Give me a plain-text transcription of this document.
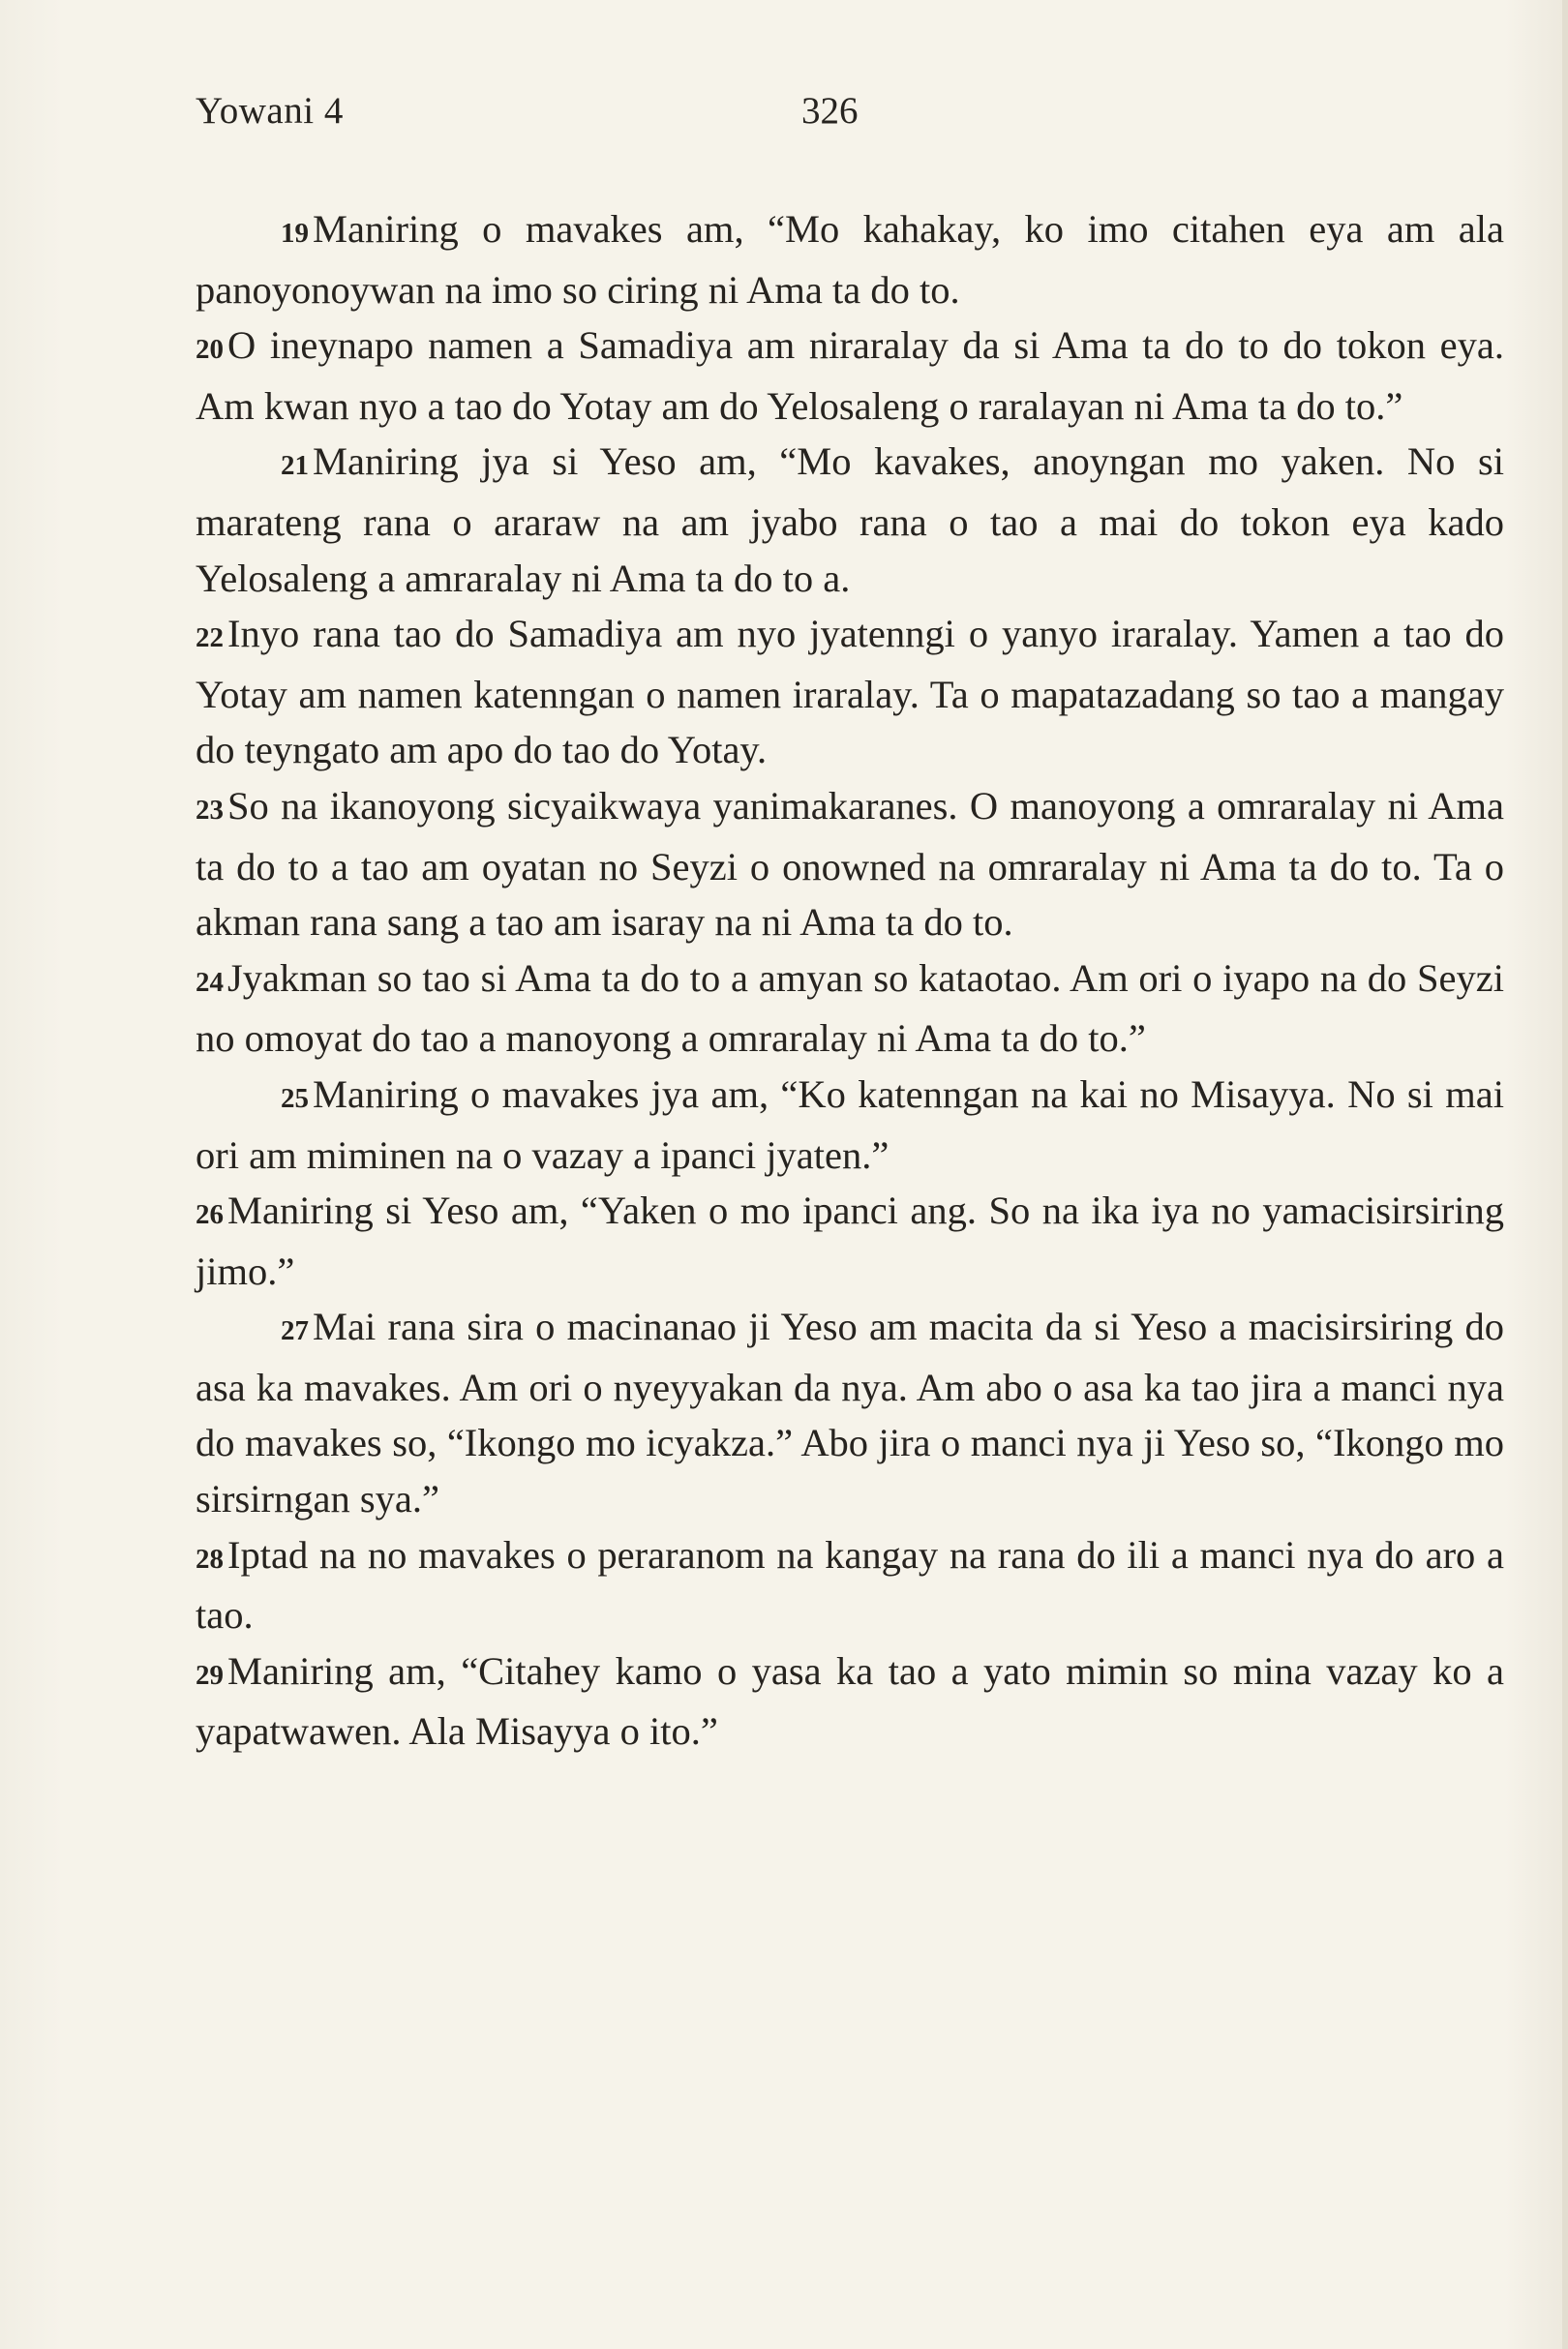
Yowani 4	326

19Maniring o mavakes am, “Mo kahakay, ko imo citahen eya am ala panoyonoywan na imo so ciring ni Ama ta do to.

20O ineynapo namen a Samadiya am niraralay da si Ama ta do to do tokon eya. Am kwan nyo a tao do Yotay am do Yelosaleng o raralayan ni Ama ta do to.”

21Maniring jya si Yeso am, “Mo kavakes, anoyngan mo yaken. No si marateng rana o araraw na am jyabo rana o tao a mai do tokon eya kado Yelosaleng a amraralay ni Ama ta do to a.

22Inyo rana tao do Samadiya am nyo jyatenngi o yanyo iraralay. Yamen a tao do Yotay am namen katenngan o namen iraralay. Ta o mapatazadang so tao a mangay do teyngato am apo do tao do Yotay.

23So na ikanoyong sicyaikwaya yanimakaranes. O manoyong a omraralay ni Ama ta do to a tao am oyatan no Seyzi o onowned na omraralay ni Ama ta do to. Ta o akman rana sang a tao am isaray na ni Ama ta do to.

24Jyakman so tao si Ama ta do to a amyan so kataotao. Am ori o iyapo na do Seyzi no omoyat do tao a manoyong a omraralay ni Ama ta do to.”

25Maniring o mavakes jya am, “Ko katenngan na kai no Misayya. No si mai ori am miminen na o vazay a ipanci jyaten.”

26Maniring si Yeso am, “Yaken o mo ipanci ang. So na ika iya no yamacisirsiring jimo.”

27Mai rana sira o macinanao ji Yeso am macita da si Yeso a macisirsiring do asa ka mavakes. Am ori o nyeyyakan da nya. Am abo o asa ka tao jira a manci nya do mavakes so, “Ikongo mo icyakza.” Abo jira o manci nya ji Yeso so, “Ikongo mo sirsirngan sya.”

28Iptad na no mavakes o peraranom na kangay na rana do ili a manci nya do aro a tao.

29Maniring am, “Citahey kamo o yasa ka tao a yato mimin so mina vazay ko a yapatwawen. Ala Misayya o ito.”
